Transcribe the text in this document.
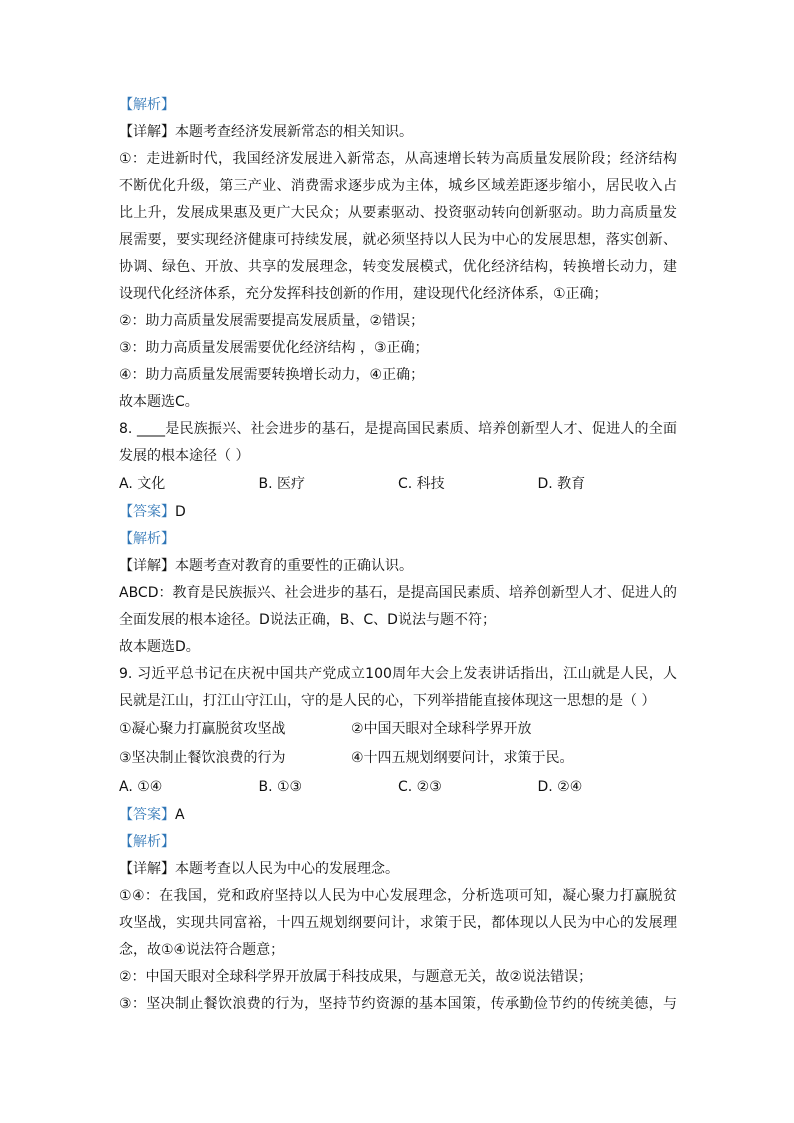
【解析】
【详解】本题考查经济发展新常态的相关知识。
①：走进新时代，我国经济发展进入新常态，从高速增长转为高质量发展阶段；经济结构
不断优化升级，第三产业、消费需求逐步成为主体，城乡区域差距逐步缩小，居民收入占
比上升，发展成果惠及更广大民众；从要素驱动、投资驱动转向创新驱动。助力高质量发
展需要，要实现经济健康可持续发展，就必须坚持以人民为中心的发展思想，落实创新、
协调、绿色、开放、共享的发展理念，转变发展模式，优化经济结构，转换增长动力，建
设现代化经济体系，充分发挥科技创新的作用，建设现代化经济体系，①正确；
②：助力高质量发展需要提高发展质量，②错误；
③：助力高质量发展需要优化经济结构 ，③正确；
④：助力高质量发展需要转换增长动力，④正确；
故本题选C。
8. ____是民族振兴、社会进步的基石，是提高国民素质、培养创新型人才、促进人的全面
发展的根本途径（ ）
A. 文化	B. 医疗	C. 科技	D. 教育
【答案】D
【解析】
【详解】本题考查对教育的重要性的正确认识。
ABCD：教育是民族振兴、社会进步的基石，是提高国民素质、培养创新型人才、促进人的
全面发展的根本途径。D说法正确，B、C、D说法与题不符；
故本题选D。
9. 习近平总书记在庆祝中国共产党成立100周年大会上发表讲话指出，江山就是人民，人
民就是江山，打江山守江山，守的是人民的心，下列举措能直接体现这一思想的是（ ）
①凝心聚力打赢脱贫攻坚战	②中国天眼对全球科学界开放
③坚决制止餐饮浪费的行为	④十四五规划纲要问计，求策于民。
A. ①④	B. ①③	C. ②③	D. ②④
【答案】A
【解析】
【详解】本题考查以人民为中心的发展理念。
①④：在我国，党和政府坚持以人民为中心发展理念，分析选项可知，凝心聚力打赢脱贫
攻坚战，实现共同富裕，十四五规划纲要问计，求策于民，都体现以人民为中心的发展理
念，故①④说法符合题意；
②：中国天眼对全球科学界开放属于科技成果，与题意无关，故②说法错误；
③：坚决制止餐饮浪费的行为，坚持节约资源的基本国策，传承勤俭节约的传统美德，与
